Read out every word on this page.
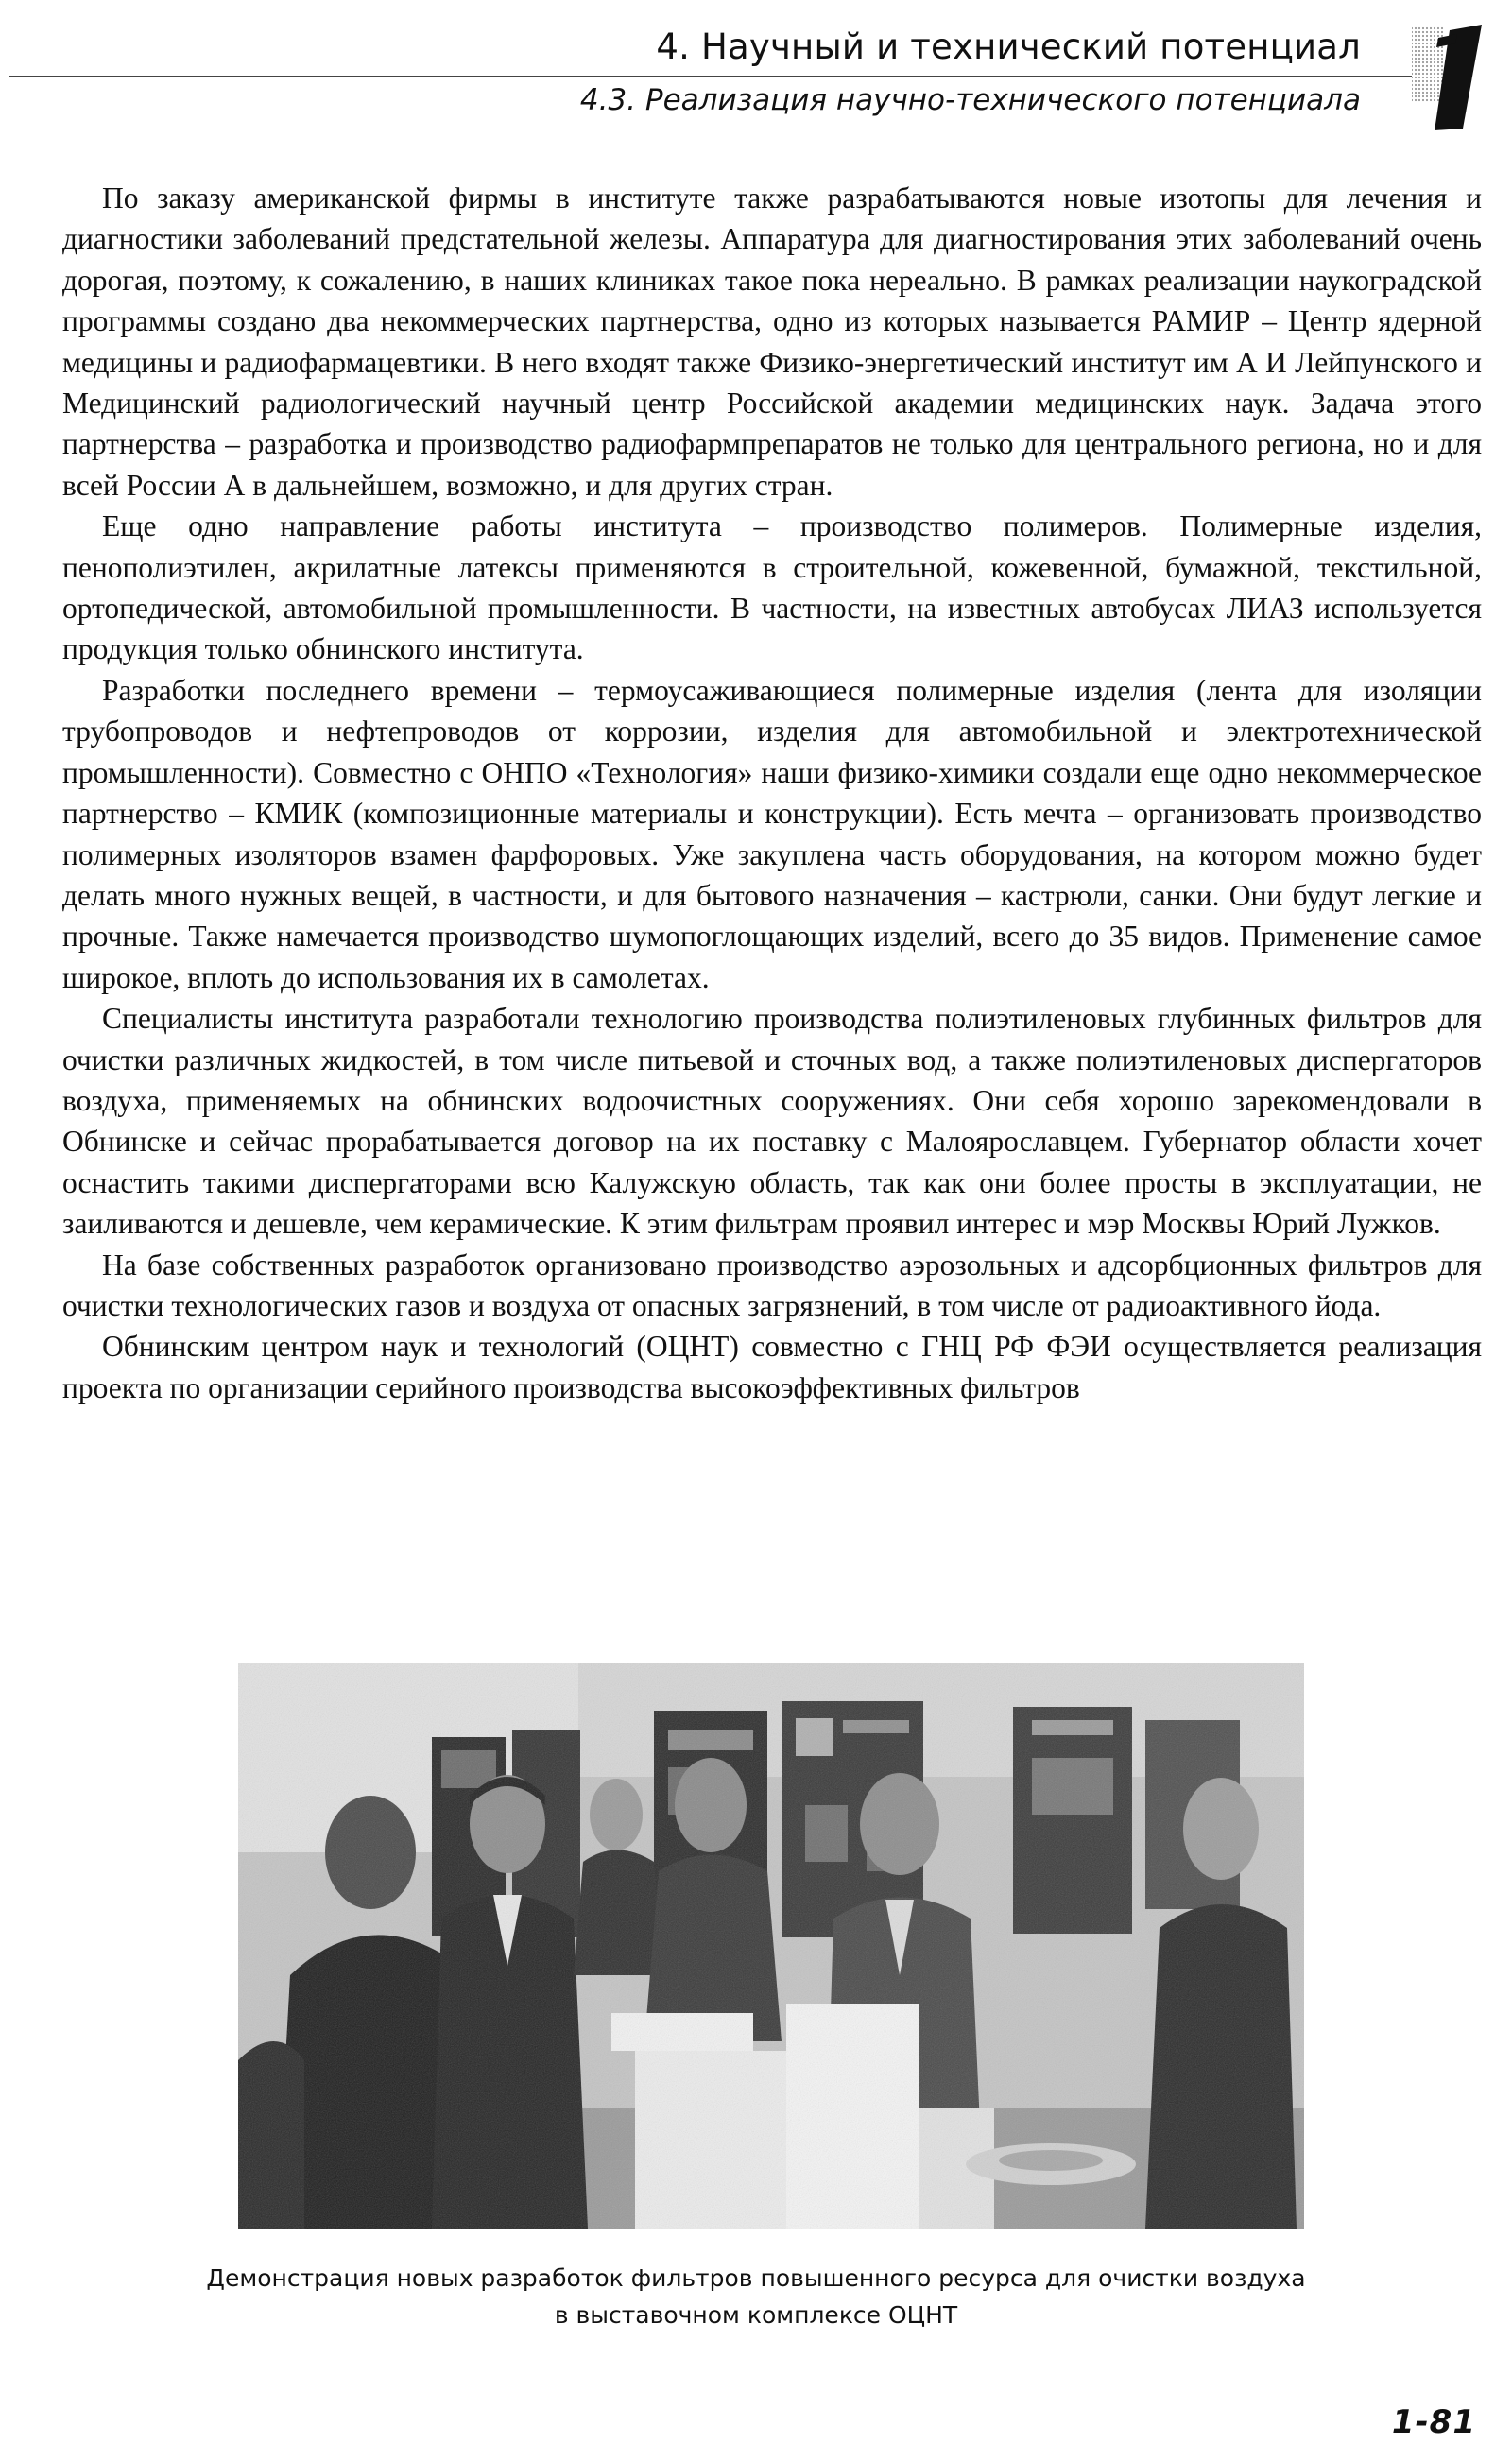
4. Научный и технический потенциал
4.3. Реализация научно-технического потенциала

По заказу американской фирмы в институте также разрабатываются новые изотопы для лечения и диагностики заболеваний предстательной железы. Аппаратура для диагностирования этих заболеваний очень дорогая, поэтому, к сожалению, в наших клиниках такое пока нереально. В рамках реализации наукоградской программы создано два некоммерческих партнерства, одно из которых называется РАМИР – Центр ядерной медицины и радиофармацевтики. В него входят также Физико-энергетический институт им А И Лейпунского и Медицинский радиологический научный центр Российской академии медицинских наук. Задача этого партнерства – разработка и производство радиофармпрепаратов не только для центрального региона, но и для всей России А в дальнейшем, возможно, и для других стран.

Еще одно направление работы института – производство полимеров. Полимерные изделия, пенополиэтилен, акрилатные латексы применяются в строительной, кожевенной, бумажной, текстильной, ортопедической, автомобильной промышленности. В частности, на известных автобусах ЛИАЗ используется продукция только обнинского института.

Разработки последнего времени – термоусаживающиеся полимерные изделия (лента для изоляции трубопроводов и нефтепроводов от коррозии, изделия для автомобильной и электротехнической промышленности). Совместно с ОНПО «Технология» наши физико-химики создали еще одно некоммерческое партнерство – КМИК (композиционные материалы и конструкции). Есть мечта – организовать производство полимерных изоляторов взамен фарфоровых. Уже закуплена часть оборудования, на котором можно будет делать много нужных вещей, в частности, и для бытового назначения – кастрюли, санки. Они будут легкие и прочные. Также намечается производство шумопоглощающих изделий, всего до 35 видов. Применение самое широкое, вплоть до использования их в самолетах.

Специалисты института разработали технологию производства полиэтиленовых глубинных фильтров для очистки различных жидкостей, в том числе питьевой и сточных вод, а также полиэтиленовых диспергаторов воздуха, применяемых на обнинских водоочистных сооружениях. Они себя хорошо зарекомендовали в Обнинске и сейчас прорабатывается договор на их поставку с Малоярославцем. Губернатор области хочет оснастить такими диспергаторами всю Калужскую область, так как они более просты в эксплуатации, не заиливаются и дешевле, чем керамические. К этим фильтрам проявил интерес и мэр Москвы Юрий Лужков.

На базе собственных разработок организовано производство аэрозольных и адсорбционных фильтров для очистки технологических газов и воздуха от опасных загрязнений, в том числе от радиоактивного йода.

Обнинским центром наук и технологий (ОЦНТ) совместно с ГНЦ РФ ФЭИ осуществляется реализация проекта по организации серийного производства высокоэффективных фильтров

Демонстрация новых разработок фильтров повышенного ресурса для очистки воздуха
в выставочном комплексе ОЦНТ
1-81
